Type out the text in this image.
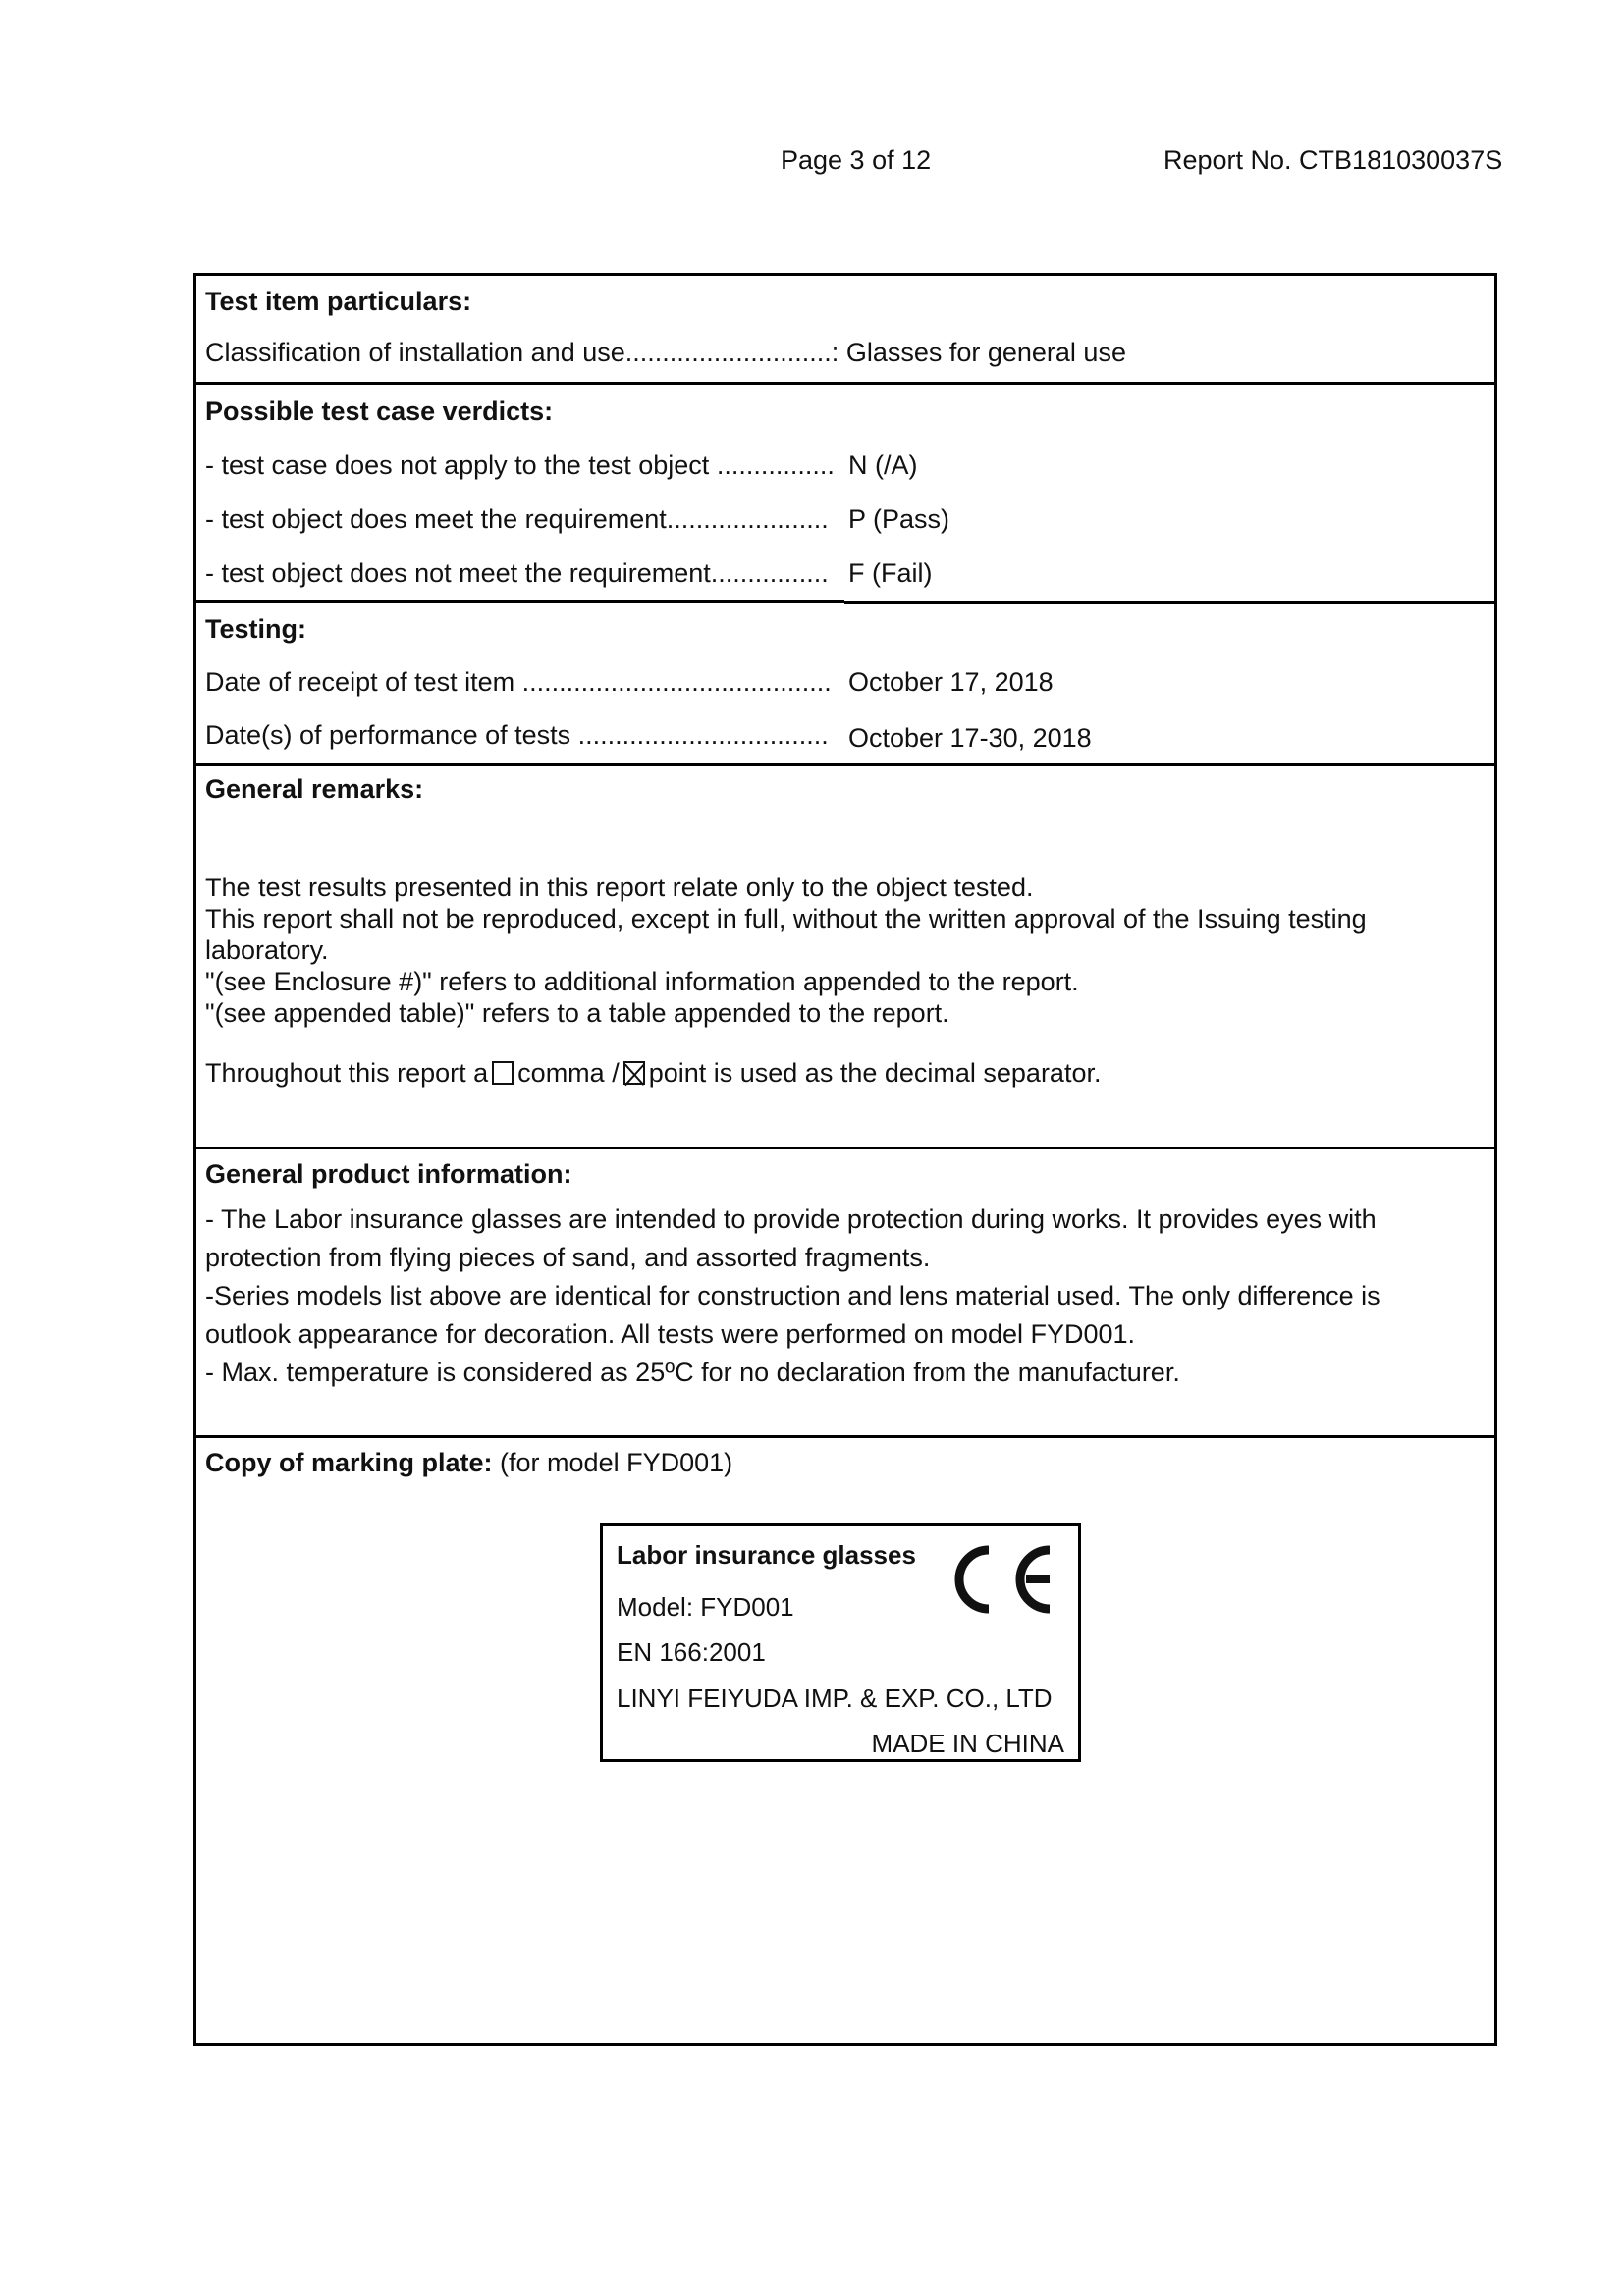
Page 3 of 12	Report No. CTB181030037S
Test item particulars:
Classification of installation and use............................: Glasses for general use
Possible test case verdicts:
- test case does not apply to the test object ................ N (/A)
- test object does meet the requirement...................... P (Pass)
- test object does not meet the requirement................ F (Fail)
Testing:
Date of receipt of test item .......................................... October 17, 2018
Date(s) of performance of tests .................................. October 17-30, 2018
General remarks:
The test results presented in this report relate only to the object tested.
This report shall not be reproduced, except in full, without the written approval of the Issuing testing laboratory.
"(see Enclosure #)" refers to additional information appended to the report.
"(see appended table)" refers to a table appended to the report.
Throughout this report a comma / point is used as the decimal separator.
General product information:
- The Labor insurance glasses are intended to provide protection during works. It provides eyes with protection from flying pieces of sand, and assorted fragments.
-Series models list above are identical for construction and lens material used. The only difference is outlook appearance for decoration. All tests were performed on model FYD001.
- Max. temperature is considered as 25ºC for no declaration from the manufacturer.
Copy of marking plate: (for model FYD001)
Labor insurance glasses
Model: FYD001
EN 166:2001
LINYI FEIYUDA IMP. & EXP. CO., LTD
MADE IN CHINA
